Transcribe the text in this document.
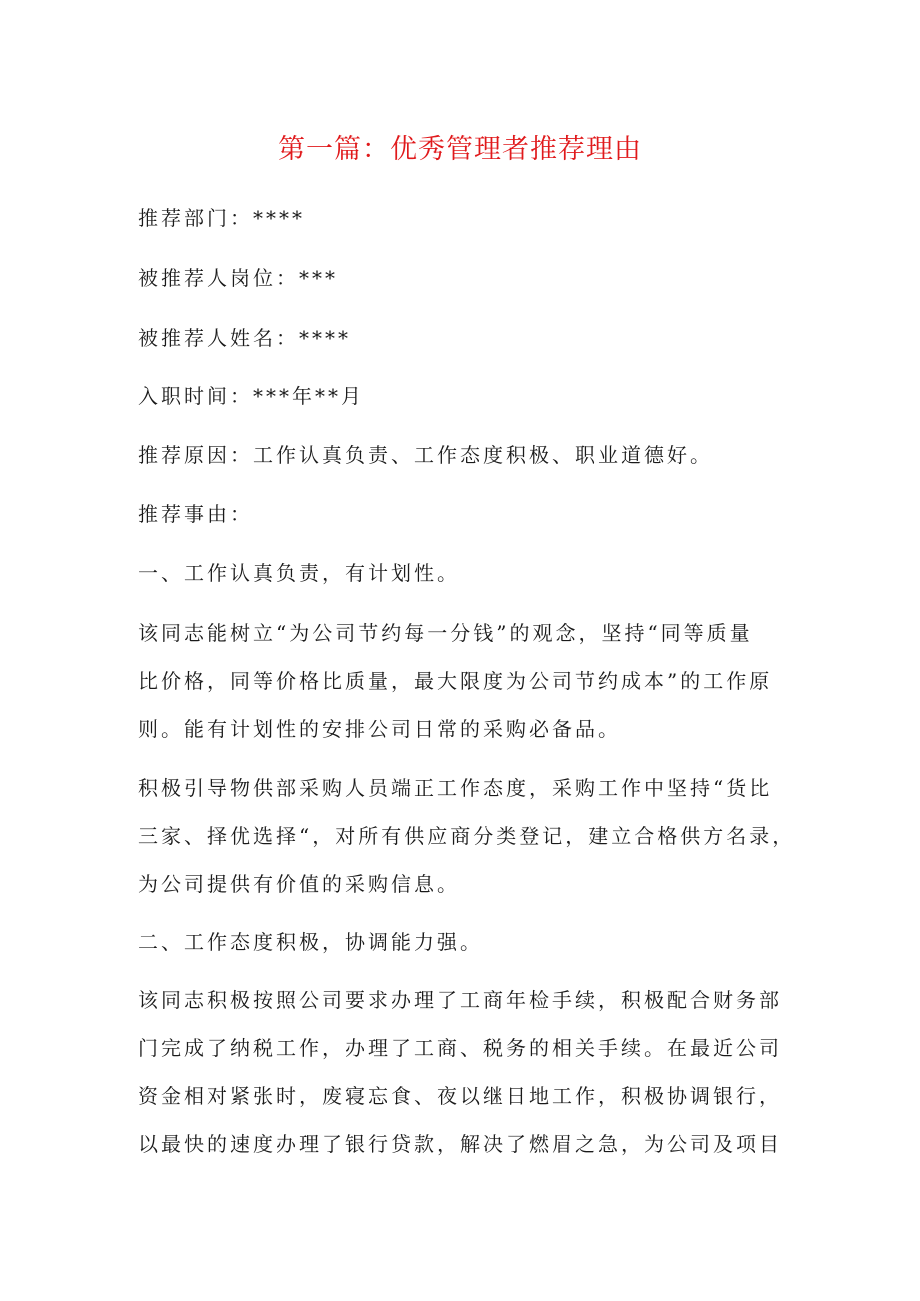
第一篇：优秀管理者推荐理由
推荐部门：****
被推荐人岗位：***
被推荐人姓名：****
入职时间：***年**月
推荐原因：工作认真负责、工作态度积极、职业道德好。
推荐事由：
一、工作认真负责，有计划性。
该同志能树立“为公司节约每一分钱”的观念，坚持“同等质量
比价格，同等价格比质量，最大限度为公司节约成本”的工作原
则。能有计划性的安排公司日常的采购必备品。
积极引导物供部采购人员端正工作态度，采购工作中坚持“货比
三家、择优选择“，对所有供应商分类登记，建立合格供方名录，
为公司提供有价值的采购信息。
二、工作态度积极，协调能力强。
该同志积极按照公司要求办理了工商年检手续，积极配合财务部
门完成了纳税工作，办理了工商、税务的相关手续。在最近公司
资金相对紧张时，废寝忘食、夜以继日地工作，积极协调银行，
以最快的速度办理了银行贷款，解决了燃眉之急，为公司及项目
